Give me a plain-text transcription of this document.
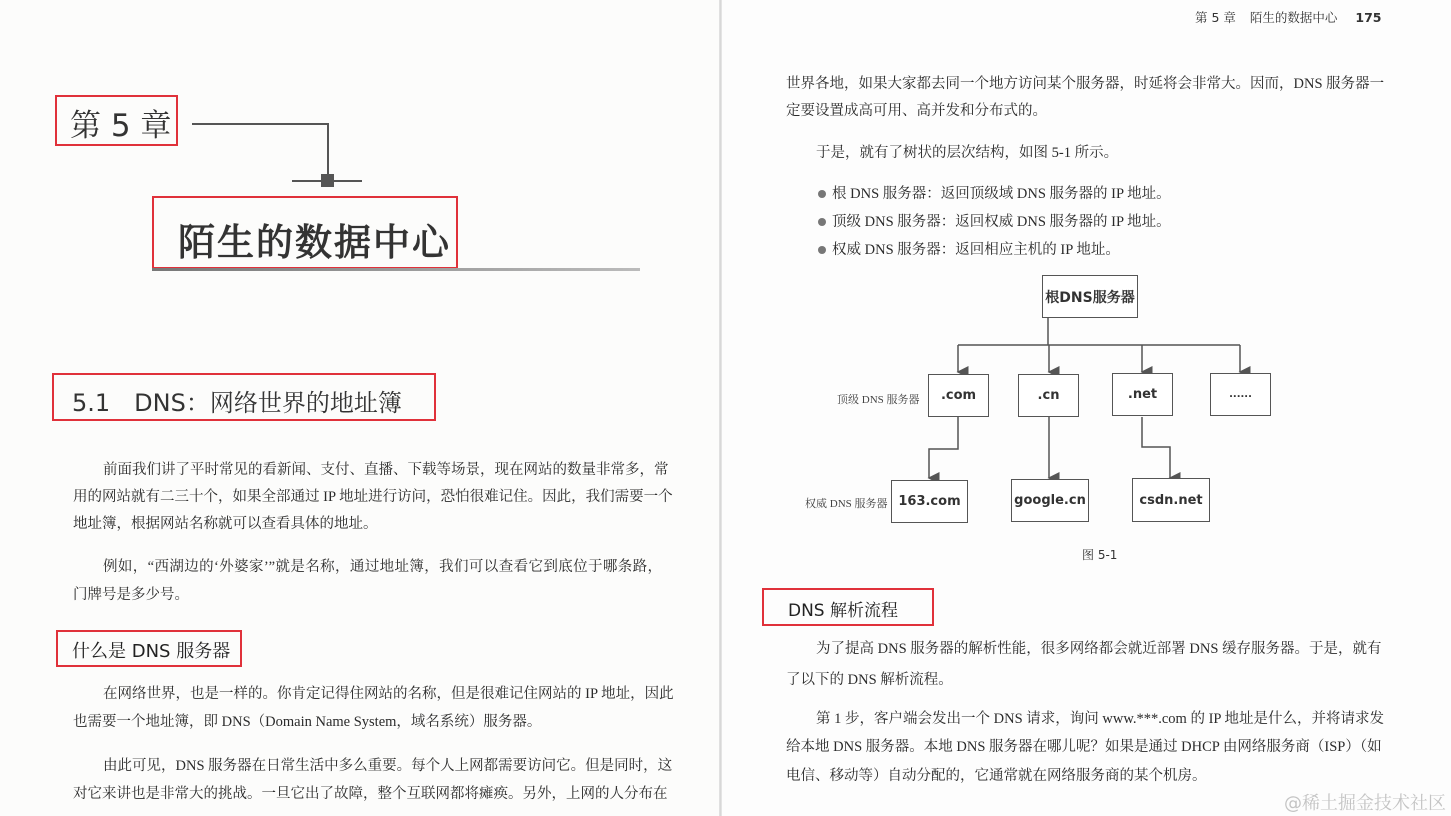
第 5 章
陌生的数据中心
5.1　DNS：网络世界的地址簿
前面我们讲了平时常见的看新闻、支付、直播、下载等场景，现在网站的数量非常多，常
用的网站就有二三十个，如果全部通过 IP 地址进行访问，恐怕很难记住。因此，我们需要一个
地址簿，根据网站名称就可以查看具体的地址。
例如，“西湖边的‘外婆家’”就是名称，通过地址簿，我们可以查看它到底位于哪条路，
门牌号是多少号。
什么是 DNS 服务器
在网络世界，也是一样的。你肯定记得住网站的名称，但是很难记住网站的 IP 地址，因此
也需要一个地址簿，即 DNS（Domain Name System，域名系统）服务器。
由此可见，DNS 服务器在日常生活中多么重要。每个人上网都需要访问它。但是同时，这
对它来讲也是非常大的挑战。一旦它出了故障，整个互联网都将瘫痪。另外，上网的人分布在
第 5 章 陌生的数据中心 175
世界各地，如果大家都去同一个地方访问某个服务器，时延将会非常大。因而，DNS 服务器一
定要设置成高可用、高并发和分布式的。
于是，就有了树状的层次结构，如图 5-1 所示。
根 DNS 服务器：返回顶级域 DNS 服务器的 IP 地址。
顶级 DNS 服务器：返回权威 DNS 服务器的 IP 地址。
权威 DNS 服务器：返回相应主机的 IP 地址。
根DNS服务器
顶级 DNS 服务器	.com	.cn	.net	......
权威 DNS 服务器 163.com	google.cn	csdn.net
图 5-1
DNS 解析流程
为了提高 DNS 服务器的解析性能，很多网络都会就近部署 DNS 缓存服务器。于是，就有
了以下的 DNS 解析流程。
第 1 步，客户端会发出一个 DNS 请求，询问 www.***.com 的 IP 地址是什么，并将请求发
给本地 DNS 服务器。本地 DNS 服务器在哪儿呢？如果是通过 DHCP 由网络服务商（ISP）（如
电信、移动等）自动分配的，它通常就在网络服务商的某个机房。
@稀土掘金技术社区
